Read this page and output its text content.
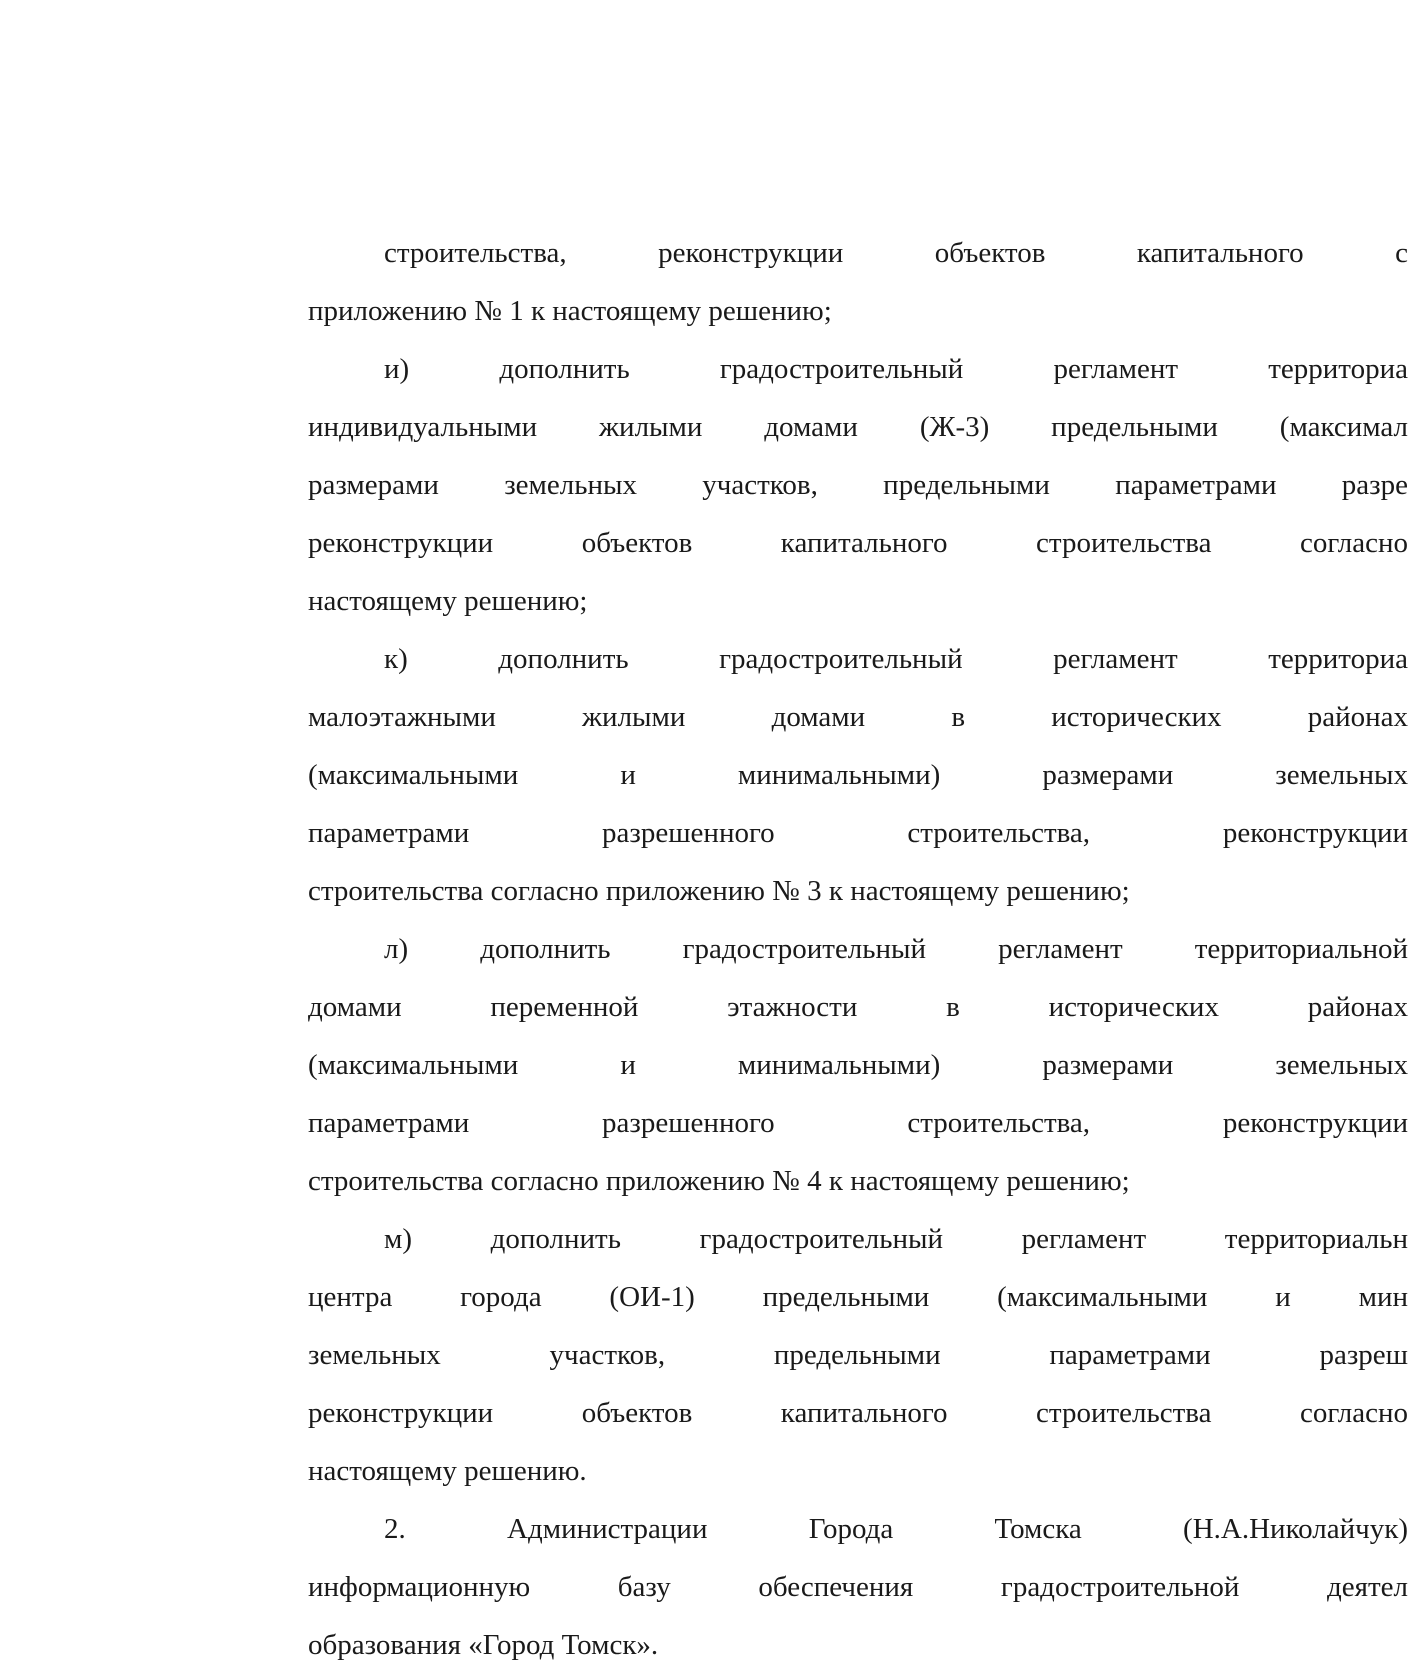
строительства, реконструкции объектов капитального с
приложению № 1 к настоящему решению;
и) дополнить градостроительный регламент территориа
индивидуальными жилыми домами (Ж-3) предельными (максимал
размерами земельных участков, предельными параметрами разре
реконструкции объектов капитального строительства согласно
настоящему решению;
к) дополнить градостроительный регламент территориа
малоэтажными жилыми домами в исторических районах
(максимальными и минимальными) размерами земельных
параметрами разрешенного строительства, реконструкции
строительства согласно приложению № 3 к настоящему решению;
л) дополнить градостроительный регламент территориальной
домами переменной этажности в исторических районах
(максимальными и минимальными) размерами земельных
параметрами разрешенного строительства, реконструкции
строительства согласно приложению № 4 к настоящему решению;
м) дополнить градостроительный регламент территориальн
центра города (ОИ-1) предельными (максимальными и мин
земельных участков, предельными параметрами разреш
реконструкции объектов капитального строительства согласно
настоящему решению.
2. Администрации Города Томска (Н.А.Николайчук)
информационную базу обеспечения градостроительной деятел
образования «Город Томск».
